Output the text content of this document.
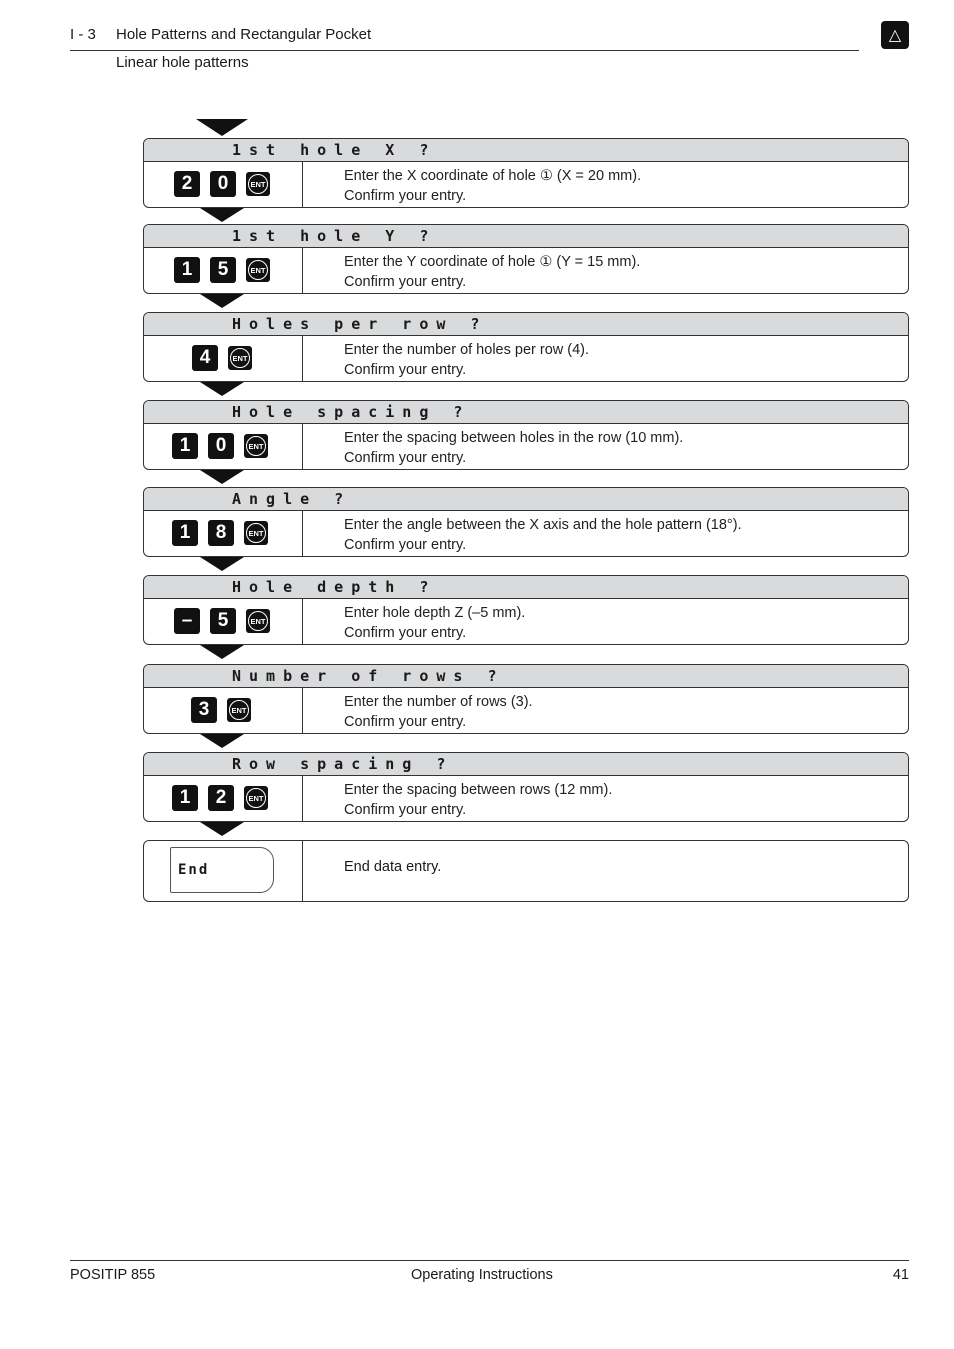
I - 3 Hole Patterns and Rectangular Pocket	△
Linear hole patterns
1st hole X ?
2	0	ENT	Enter the X coordinate of hole ① (X = 20 mm).
Confirm your entry.
1st hole Y ?
1	5	ENT	Enter the Y coordinate of hole ① (Y = 15 mm).
Confirm your entry.
Holes per row ?
4	ENT	Enter the number of holes per row (4).
Confirm your entry.
Hole spacing ?
1	0	ENT	Enter the spacing between holes in the row (10 mm).
Confirm your entry.
Angle ?
1	8	ENT	Enter the angle between the X axis and the hole pattern (18°).
Confirm your entry.
Hole depth ?
–	5	ENT	Enter hole depth Z (–5 mm).
Confirm your entry.
Number of rows ?
3	ENT	Enter the number of rows (3).
Confirm your entry.
Row spacing ?
1	2	ENT	Enter the spacing between rows (12 mm).
Confirm your entry.
End	End data entry.
POSITIP 855	Operating Instructions	41
